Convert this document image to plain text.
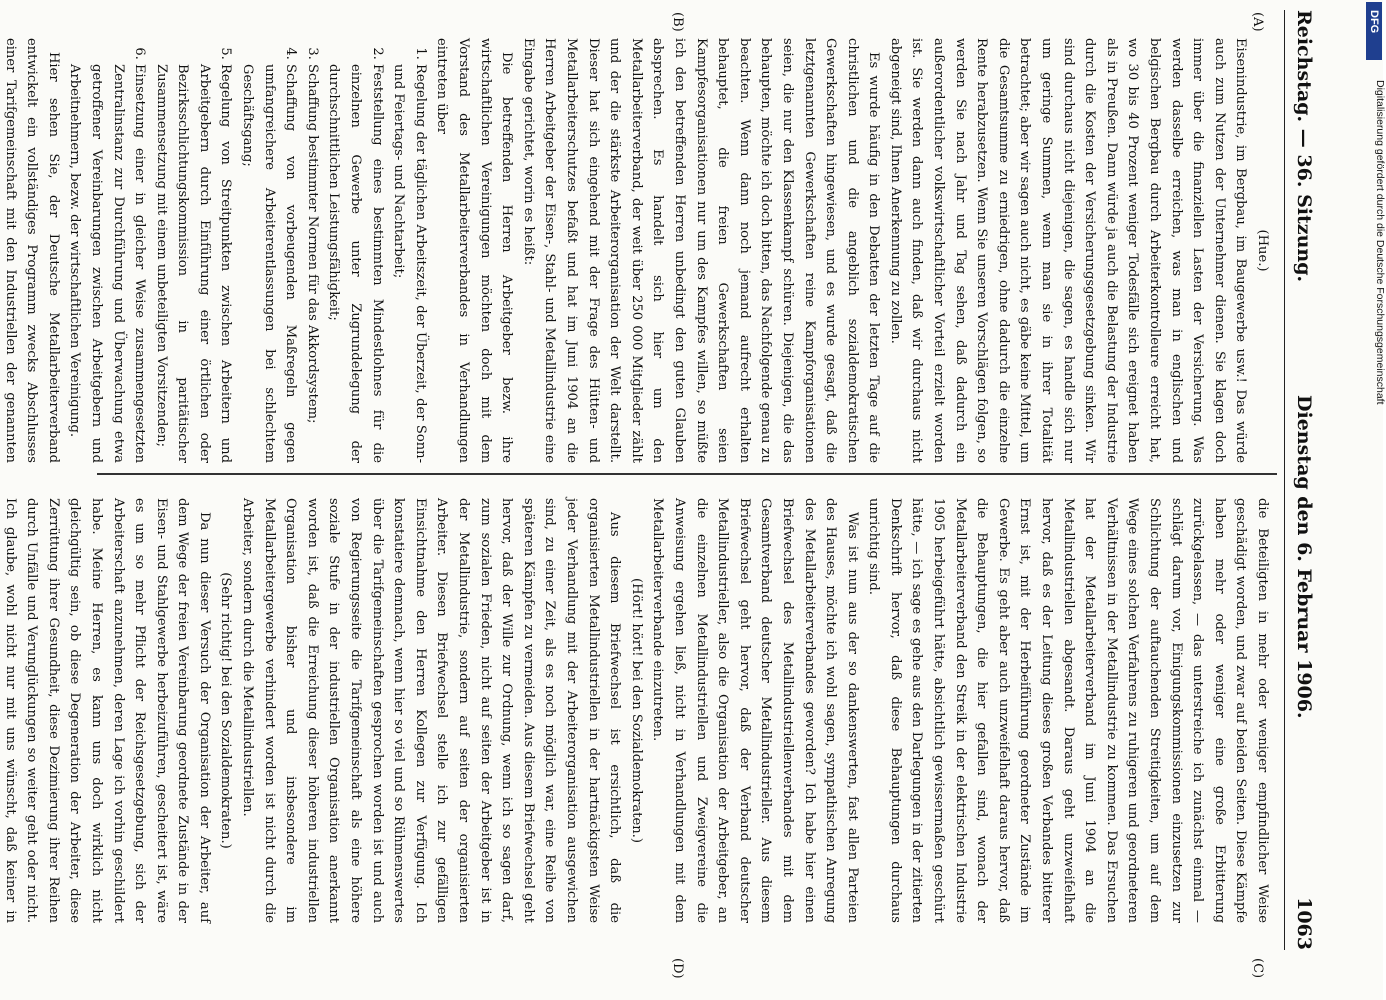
Reichstag. — 36. Sitzung.
Dienstag den 6. Februar 1906.
1063
(A)
(B)
(C)
(D)

(Hue.)

Eisenindustrie, im Bergbau, im Baugewerbe usw.! Das würde auch zum Nutzen der Unternehmer dienen. Sie klagen doch immer über die finanziellen Lasten der Versicherung. Was werden dasselbe erreichen, was man in englischen und belgischen Bergbau durch Arbeiterkontrolleure erreicht hat, wo 30 bis 40 Prozent weniger Todesfälle sich ereignet haben als in Preußen. Dann würde ja auch die Belastung der Industrie durch die Kosten der Versicherungsgesetzgebung sinken. Wir sind durchaus nicht diejenigen, die sagen, es handle sich nur um geringe Summen, wenn man sie in ihrer Totalität betrachtet; aber wir sagen auch nicht, es gäbe keine Mittel, um die Gesamtsumme zu erniedrigen, ohne dadurch die einzelne Rente herabzusetzen. Wenn Sie unseren Vorschlägen folgen, so werden Sie nach Jahr und Tag sehen, daß dadurch ein außerordentlicher volkswirtschaftlicher Vorteil erzielt worden ist. Sie werden dann auch finden, daß wir durchaus nicht abgeneigt sind, Ihnen Anerkennung zu zollen.

Es wurde häufig in den Debatten der letzten Tage auf die christlichen und die angeblich sozialdemokratischen Gewerkschaften hingewiesen, und es wurde gesagt, daß die letztgenannten Gewerkschaften reine Kampforganisationen seien, die nur den Klassenkampf schüren. Diejenigen, die das behaupten, möchte ich doch bitten, das Nachfolgende genau zu beachten. Wenn dann noch jemand aufrecht erhalten behauptet, die freien Gewerkschaften seien Kampfesorganisationen nur um des Kampfes willen, so müßte ich den betreffenden Herren unbedingt den guten Glauben absprechen. Es handelt sich hier um den Metallarbeiterverband, der weit über 250 000 Mitglieder zählt und der die stärkste Arbeiterorganisation der Welt darstellt. Dieser hat sich eingehend mit der Frage des Hütten- und Metallarbeiterschutzes befaßt und hat im Juni 1904 an die Herren Arbeitgeber der Eisen-, Stahl- und Metallindustrie eine Eingabe gerichtet, worin es heißt:

Die betreffenden Herren Arbeitgeber bezw. ihre wirtschaftlichen Vereinigungen möchten doch mit dem Vorstand des Metallarbeiterverbandes in Verhandlungen eintreten über

1. Regelung der täglichen Arbeitszeit, der Überzeit, der Sonn- und Feiertags- und Nachtarbeit;
2. Feststellung eines bestimmten Mindestlohnes für die einzelnen Gewerbe unter Zugrundelegung der durchschnittlichen Leistungsfähigkeit;
3. Schaffung bestimmter Normen für das Akkordsystem;
4. Schaffung von vorbeugenden Maßregeln gegen umfangreichere Arbeiterentlassungen bei schlechtem Geschäftsgang;
5. Regelung von Streitpunkten zwischen Arbeitern und Arbeitgebern durch Einführung einer örtlichen oder Bezirksschlichtungskommission in paritätischer Zusammensetzung mit einem unbeteiligten Vorsitzenden;
6. Einsetzung einer in gleicher Weise zusammengesetzten Zentralinstanz zur Durchführung und Überwachung etwa getroffener Vereinbarungen zwischen Arbeitgebern und Arbeitnehmern, bezw. der wirtschaftlichen Vereinigung.

Hier sehen Sie, der Deutsche Metallarbeiterverband entwickelt ein vollständiges Programm zwecks Abschlusses einer Tarifgemeinschaft mit den Industriellen der genannten

die Beteiligten in mehr oder weniger empfindlicher Weise geschädigt worden, und zwar auf beiden Seiten. Diese Kämpfe haben mehr oder weniger eine große Erbitterung zurückgelassen, — das unterstreiche ich zunächst einmal — schlägt darum vor, Einigungskommissionen einzusetzen zur Schlichtung der auftauchenden Streitigkeiten, um auf dem Wege eines solchen Verfahrens zu ruhigeren und geordneteren Verhältnissen in der Metallindustrie zu kommen. Das Ersuchen hat der Metallarbeiterverband im Juni 1904 an die Metallindustriellen abgesandt. Daraus geht unzweifelhaft hervor, daß es der Leitung dieses großen Verbandes bitterer Ernst ist, mit der Herbeiführung geordneter Zustände im Gewerbe. Es geht aber auch unzweifelhaft daraus hervor, daß die Behauptungen, die hier gefallen sind, wonach der Metallarbeiterverband den Streik in der elektrischen Industrie 1905 herbeigeführt hätte, absichtlich gewissermaßen geschürt hätte, — ich sage es gehe aus den Darlegungen in der zitierten Denkschrift hervor, daß diese Behauptungen durchaus unrichtig sind.

Was ist nun aus der so dankenswerten, fast allen Parteien des Hauses, möchte ich wohl sagen, sympathischen Anregung des Metallarbeiterverbandes geworden? Ich habe hier einen Briefwechsel des Metallindustriellenverbandes mit dem Gesamtverband deutscher Metallindustrieller. Aus diesem Briefwechsel geht hervor, daß der Verband deutscher Metallindustrieller, also die Organisation der Arbeitgeber, an die einzelnen Metallindustriellen und Zweigvereine die Anweisung ergehen ließ, nicht in Verhandlungen mit dem Metallarbeiterverbande einzutreten.

(Hört! hört! bei den Sozialdemokraten.)

Aus diesem Briefwechsel ist ersichtlich, daß die organisierten Metallindustriellen in der hartnäckigsten Weise jeder Verhandlung mit der Arbeiterorganisation ausgewichen sind, zu einer Zeit, als es noch möglich war, eine Reihe von späteren Kämpfen zu vermeiden. Aus diesem Briefwechsel geht hervor, daß der Wille zur Ordnung, wenn ich so sagen darf, zum sozialen Frieden, nicht auf seiten der Arbeitgeber ist in der Metallindustrie, sondern auf seiten der organisierten Arbeiter. Diesen Briefwechsel stelle ich zur gefälligen Einsichtnahme den Herren Kollegen zur Verfügung. Ich konstatiere demnach, wenn hier so viel und so Rühmenswertes über die Tarifgemeinschaften gesprochen worden ist und auch von Regierungsseite die Tarifgemeinschaft als eine höhere soziale Stufe in der industriellen Organisation anerkannt worden ist, daß die Erreichung dieser höheren industriellen Organisation bisher und insbesondere im Metallarbeitergewerbe verhindert worden ist nicht durch die Arbeiter, sondern durch die Metallindustriellen.

(Sehr richtig! bei den Sozialdemokraten.)

Da nun dieser Versuch der Organisation der Arbeiter, auf dem Wege der freien Vereinbarung geordnete Zustände in der Eisen- und Stahlgewerbe herbeizuführen, gescheitert ist, wäre es um so mehr Pflicht der Reichsgesetzgebung, sich der Arbeiterschaft anzunehmen, deren Lage ich vorhin geschildert habe. Meine Herren, es kann uns doch wirklich nicht gleichgültig sein, ob diese Degeneration der Arbeiter, diese Zerrüttung ihrer Gesundheit, diese Dezimierung ihrer Reihen durch Unfälle und Verunglückungen so weiter geht oder nicht. Ich glaube, wohl nicht nur mit uns wünscht, daß keiner in

DFG
Digitalisierung gefördert durch die Deutsche Forschungsgemeinschaft
